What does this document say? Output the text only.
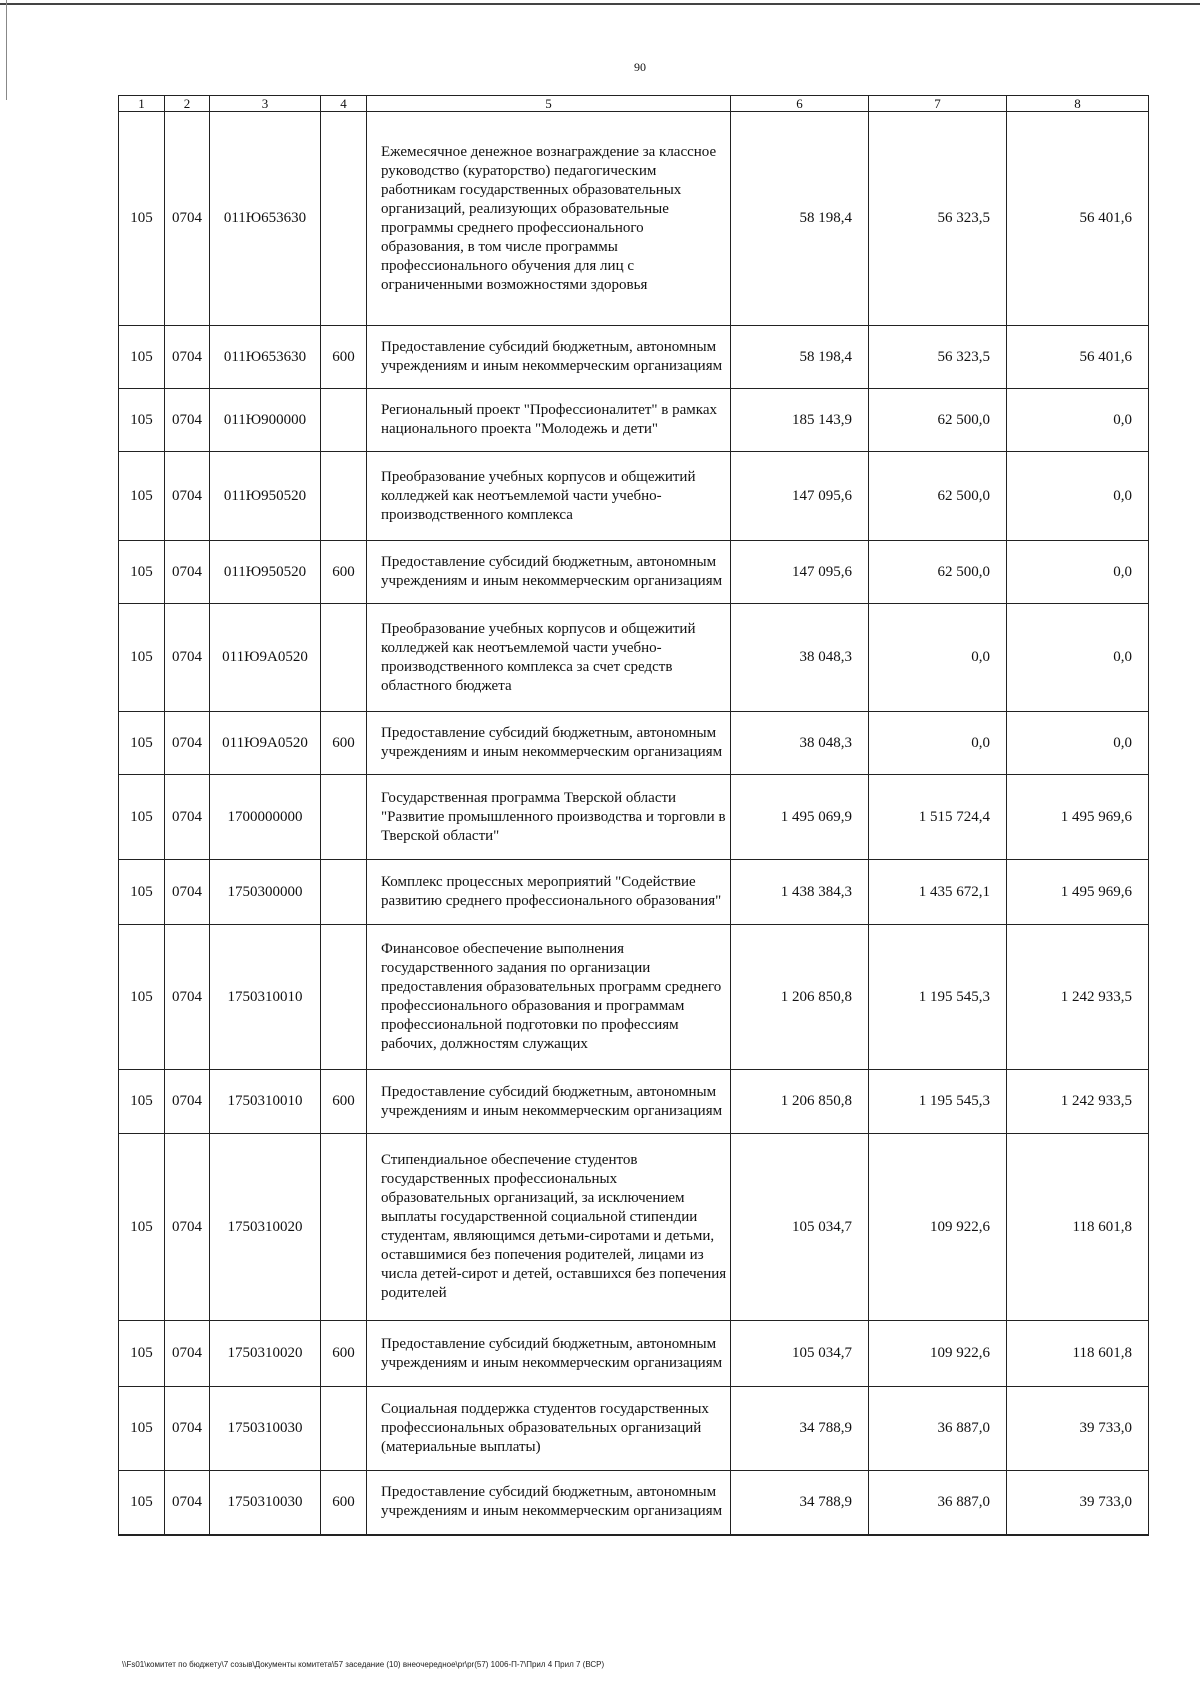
90
1	2	3	4	5	6	7	8
105	0704	011Ю653630		Ежемесячное денежное вознаграждение за классное руководство (кураторство) педагогическим работникам государственных образовательных организаций, реализующих образовательные программы среднего профессионального образования, в том числе программы профессионального обучения для лиц с ограниченными возможностями здоровья	58 198,4	56 323,5	56 401,6
105	0704	011Ю653630	600	Предоставление субсидий бюджетным, автономным учреждениям и иным некоммерческим организациям	58 198,4	56 323,5	56 401,6
105	0704	011Ю900000		Региональный проект "Профессионалитет" в рамках национального проекта "Молодежь и дети"	185 143,9	62 500,0	0,0
105	0704	011Ю950520		Преобразование учебных корпусов и общежитий колледжей как неотъемлемой части учебно-производственного комплекса	147 095,6	62 500,0	0,0
105	0704	011Ю950520	600	Предоставление субсидий бюджетным, автономным учреждениям и иным некоммерческим организациям	147 095,6	62 500,0	0,0
105	0704	011Ю9А0520		Преобразование учебных корпусов и общежитий колледжей как неотъемлемой части учебно-производственного комплекса за счет средств областного бюджета	38 048,3	0,0	0,0
105	0704	011Ю9А0520	600	Предоставление субсидий бюджетным, автономным учреждениям и иным некоммерческим организациям	38 048,3	0,0	0,0
105	0704	1700000000		Государственная программа Тверской области "Развитие промышленного производства и торговли в Тверской области"	1 495 069,9	1 515 724,4	1 495 969,6
105	0704	1750300000		Комплекс процессных мероприятий "Содействие развитию среднего профессионального образования"	1 438 384,3	1 435 672,1	1 495 969,6
105	0704	1750310010		Финансовое обеспечение выполнения государственного задания по организации предоставления образовательных программ среднего профессионального образования и программам профессиональной подготовки по профессиям рабочих, должностям служащих	1 206 850,8	1 195 545,3	1 242 933,5
105	0704	1750310010	600	Предоставление субсидий бюджетным, автономным учреждениям и иным некоммерческим организациям	1 206 850,8	1 195 545,3	1 242 933,5
105	0704	1750310020		Стипендиальное обеспечение студентов государственных профессиональных образовательных организаций, за исключением выплаты государственной социальной стипендии студентам, являющимся детьми-сиротами и детьми, оставшимися без попечения родителей, лицами из числа детей-сирот и детей, оставшихся без попечения родителей	105 034,7	109 922,6	118 601,8
105	0704	1750310020	600	Предоставление субсидий бюджетным, автономным учреждениям и иным некоммерческим организациям	105 034,7	109 922,6	118 601,8
105	0704	1750310030		Социальная поддержка студентов государственных профессиональных образовательных организаций (материальные выплаты)	34 788,9	36 887,0	39 733,0
105	0704	1750310030	600	Предоставление субсидий бюджетным, автономным учреждениям и иным некоммерческим организациям	34 788,9	36 887,0	39 733,0
\\Fs01\комитет по бюджету\7 созыв\Документы комитета\57 заседание (10) внеочередное\pr\pr(57) 1006-П-7\Прил 4 Прил 7 (ВСР)
